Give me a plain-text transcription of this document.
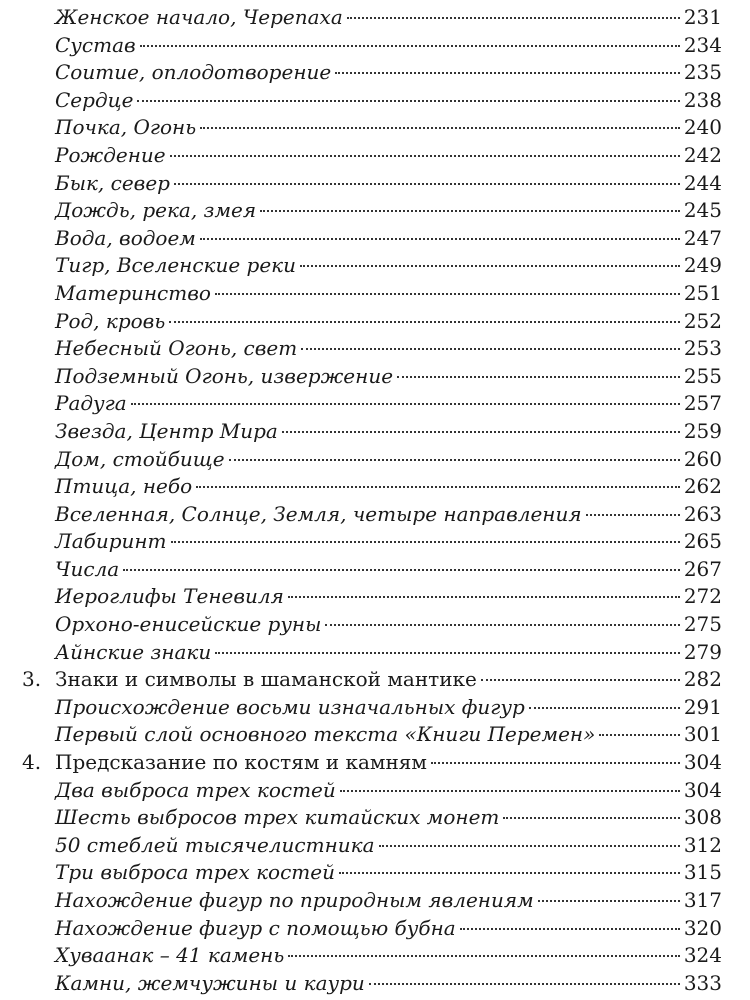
Женское начало, Черепаха	231
Сустав	234
Соитие, оплодотворение	235
Сердце	238
Почка, Огонь	240
Рождение	242
Бык, север	244
Дождь, река, змея	245
Вода, водоем	247
Тигр, Вселенские реки	249
Материнство	251
Род, кровь	252
Небесный Огонь, свет	253
Подземный Огонь, извержение	255
Радуга	257
Звезда, Центр Мира	259
Дом, стойбище	260
Птица, небо	262
Вселенная, Солнце, Земля, четыре направления	263
Лабиринт	265
Числа	267
Иероглифы Теневиля	272
Орхоно-енисейские руны	275
Айнские знаки	279
3. Знаки и символы в шаманской мантике	282
Происхождение восьми изначальных фигур	291
Первый слой основного текста «Книги Перемен»	301
4. Предсказание по костям и камням	304
Два выброса трех костей	304
Шесть выбросов трех китайских монет	308
50 стеблей тысячелистника	312
Три выброса трех костей	315
Нахождение фигур по природным явлениям	317
Нахождение фигур с помощью бубна	320
Хуваанак – 41 камень	324
Камни, жемчужины и каури	333
